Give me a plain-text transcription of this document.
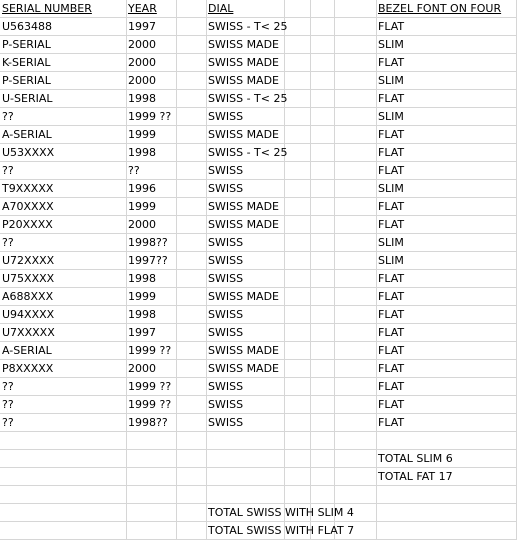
SERIAL NUMBER	YEAR	DIAL	BEZEL FONT ON FOUR
U563488	1997	SWISS - T< 25	FLAT
P-SERIAL	2000	SWISS MADE	SLIM
K-SERIAL	2000	SWISS MADE	FLAT
P-SERIAL	2000	SWISS MADE	SLIM
U-SERIAL	1998	SWISS - T< 25	FLAT
??	1999 ??	SWISS	SLIM
A-SERIAL	1999	SWISS MADE	FLAT
U53XXXX	1998	SWISS - T< 25	FLAT
??	??	SWISS	FLAT
T9XXXXX	1996	SWISS	SLIM
A70XXXX	1999	SWISS MADE	FLAT
P20XXXX	2000	SWISS MADE	FLAT
??	1998??	SWISS	SLIM
U72XXXX	1997??	SWISS	SLIM
U75XXXX	1998	SWISS	FLAT
A688XXX	1999	SWISS MADE	FLAT
U94XXXX	1998	SWISS	FLAT
U7XXXXX	1997	SWISS	FLAT
A-SERIAL	1999 ??	SWISS MADE	FLAT
P8XXXXX	2000	SWISS MADE	FLAT
??	1999 ??	SWISS	FLAT
??	1999 ??	SWISS	FLAT
??	1998??	SWISS	FLAT
TOTAL SLIM 6
TOTAL FAT 17
TOTAL SWISS WITH SLIM 4
TOTAL SWISS WITH FLAT 7
